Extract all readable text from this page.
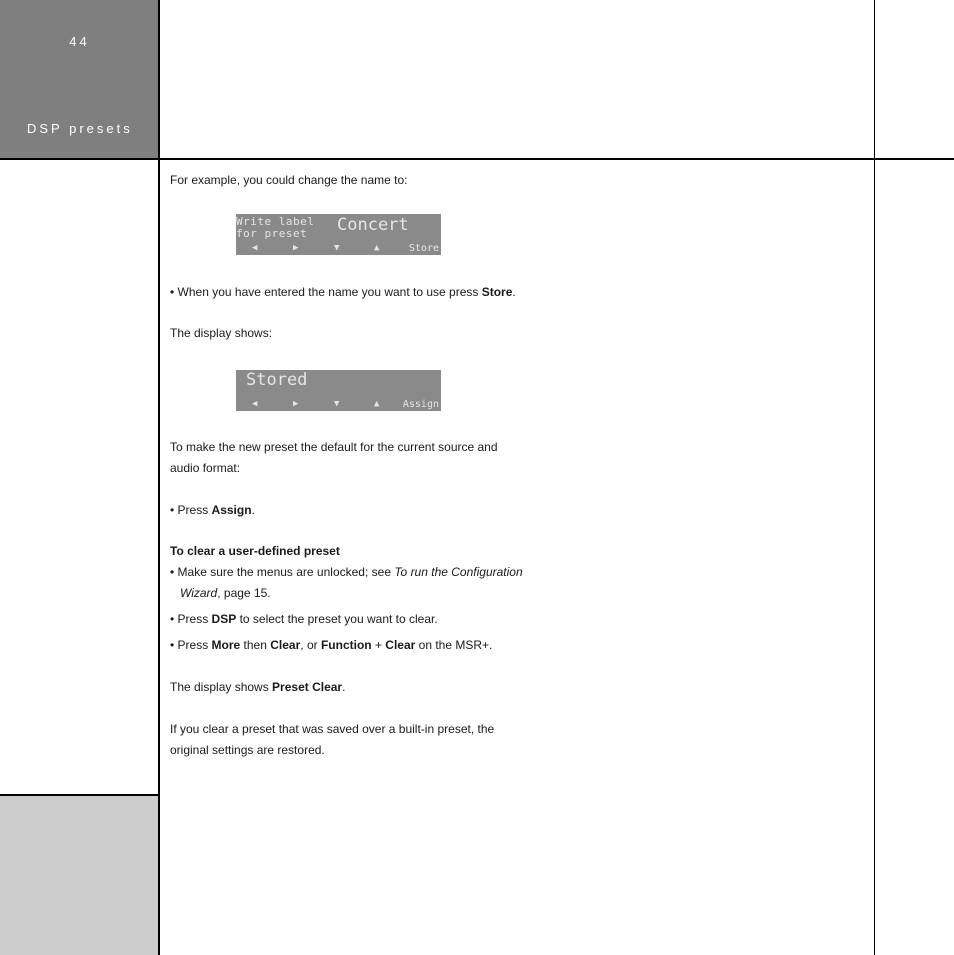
44
DSP presets
For example, you could change the name to:
Write label
for preset Concert
◀	▶	▼	▲	Store
• When you have entered the name you want to use press Store.
The display shows:
Stored
◀	▶	▼	▲ Assign
To make the new preset the default for the current source and
audio format:
• Press Assign.
To clear a user-defined preset
• Make sure the menus are unlocked; see To run the Configuration
Wizard, page 15.
• Press DSP to select the preset you want to clear.
• Press More then Clear, or Function + Clear on the MSR+.
The display shows Preset Clear.
If you clear a preset that was saved over a built-in preset, the
original settings are restored.
